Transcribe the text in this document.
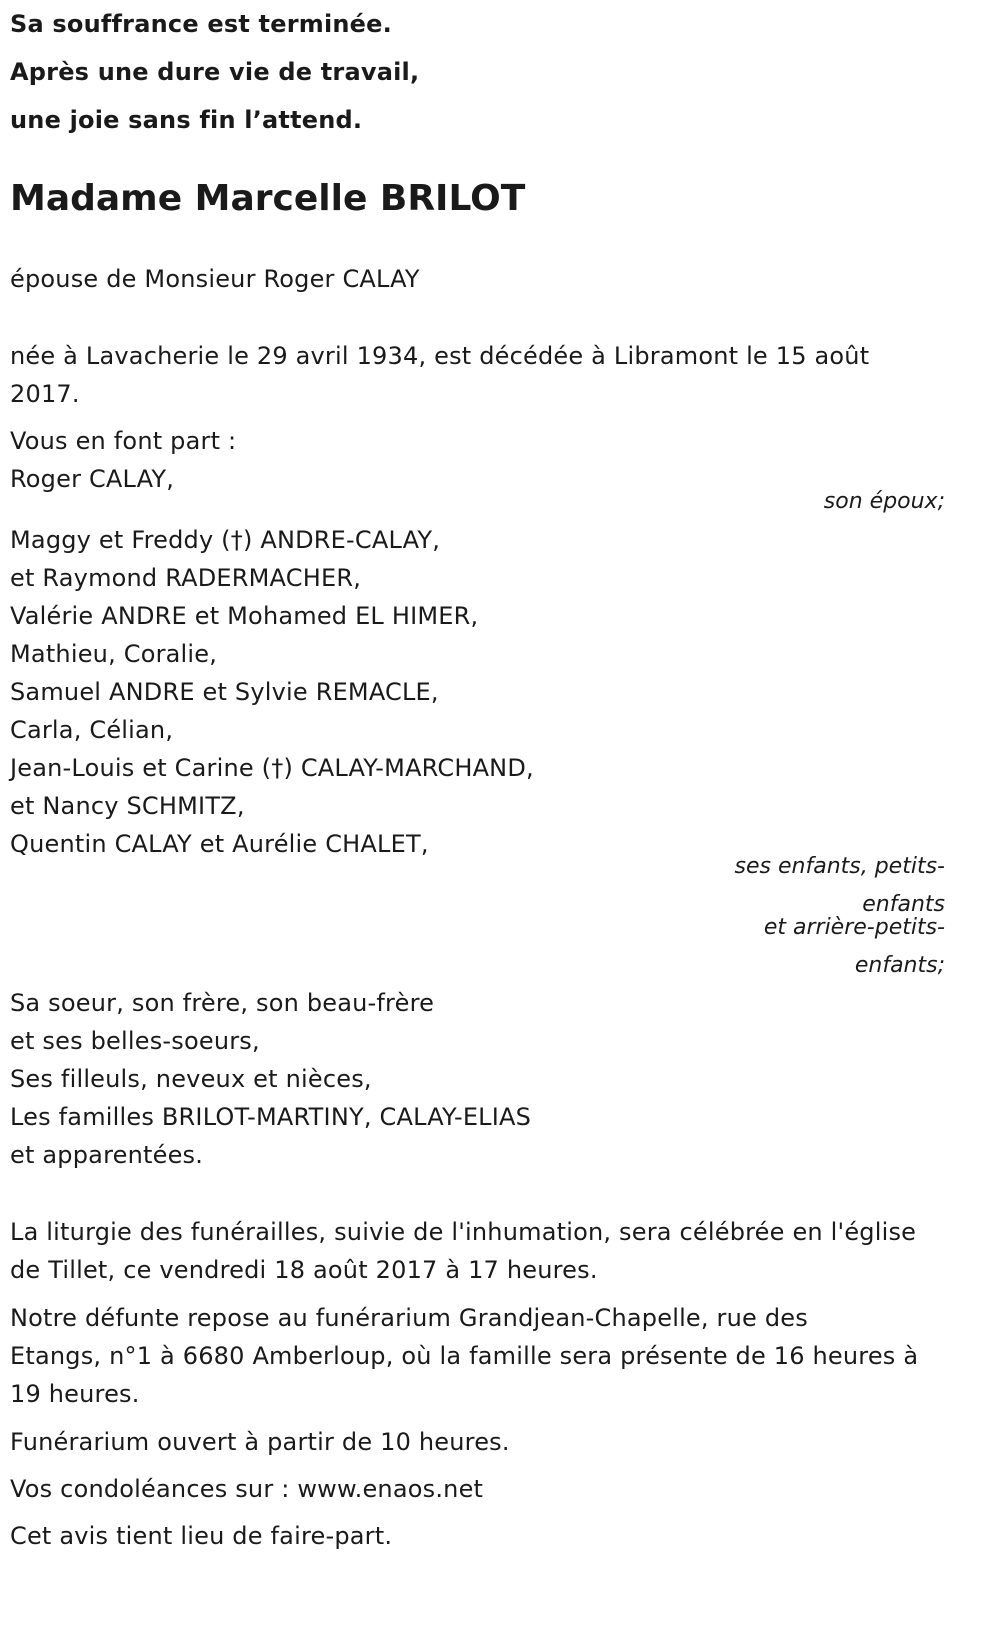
Sa souffrance est terminée.
Après une dure vie de travail,
une joie sans fin l’attend.
Madame Marcelle BRILOT
épouse de Monsieur Roger CALAY
née à Lavacherie le 29 avril 1934, est décédée à Libramont le 15 août
2017.
Vous en font part :
Roger CALAY,
son époux;
Maggy et Freddy (†) ANDRE-CALAY,
et Raymond RADERMACHER,
Valérie ANDRE et Mohamed EL HIMER,
Mathieu, Coralie,
Samuel ANDRE et Sylvie REMACLE,
Carla, Célian,
Jean-Louis et Carine (†) CALAY-MARCHAND,
et Nancy SCHMITZ,
Quentin CALAY et Aurélie CHALET,
ses enfants, petits-
enfants
et arrière-petits-
enfants;
Sa soeur, son frère, son beau-frère
et ses belles-soeurs,
Ses filleuls, neveux et nièces,
Les familles BRILOT-MARTINY, CALAY-ELIAS
et apparentées.
La liturgie des funérailles, suivie de l'inhumation, sera célébrée en l'église
de Tillet, ce vendredi 18 août 2017 à 17 heures.
Notre défunte repose au funérarium Grandjean-Chapelle, rue des
Etangs, n°1 à 6680 Amberloup, où la famille sera présente de 16 heures à
19 heures.
Funérarium ouvert à partir de 10 heures.
Vos condoléances sur : www.enaos.net
Cet avis tient lieu de faire-part.
